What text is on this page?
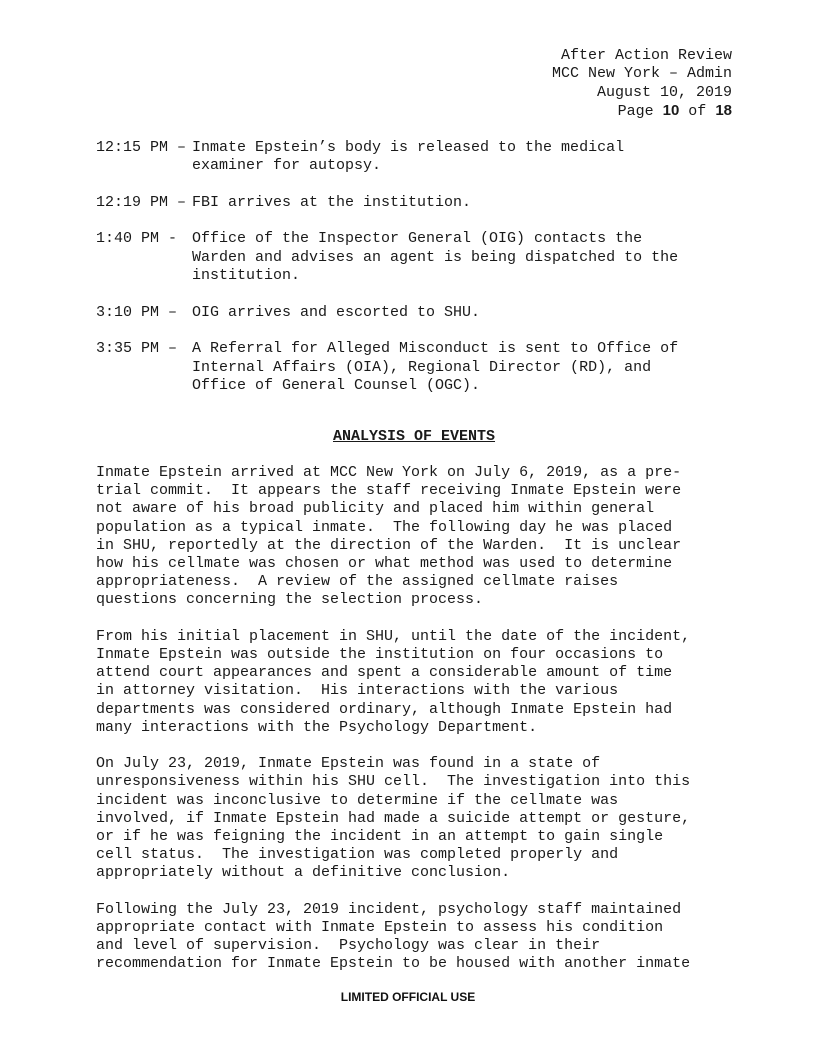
After Action Review
MCC New York – Admin
August 10, 2019
Page 10 of 18
12:15 PM – Inmate Epstein’s body is released to the medical
examiner for autopsy.
12:19 PM – FBI arrives at the institution.
1:40 PM - Office of the Inspector General (OIG) contacts the
Warden and advises an agent is being dispatched to the
institution.
3:10 PM – OIG arrives and escorted to SHU.
3:35 PM – A Referral for Alleged Misconduct is sent to Office of
Internal Affairs (OIA), Regional Director (RD), and
Office of General Counsel (OGC).
ANALYSIS OF EVENTS

Inmate Epstein arrived at MCC New York on July 6, 2019, as a pre-
trial commit.  It appears the staff receiving Inmate Epstein were
not aware of his broad publicity and placed him within general
population as a typical inmate.  The following day he was placed
in SHU, reportedly at the direction of the Warden.  It is unclear
how his cellmate was chosen or what method was used to determine
appropriateness.  A review of the assigned cellmate raises
questions concerning the selection process.

From his initial placement in SHU, until the date of the incident,
Inmate Epstein was outside the institution on four occasions to
attend court appearances and spent a considerable amount of time
in attorney visitation.  His interactions with the various
departments was considered ordinary, although Inmate Epstein had
many interactions with the Psychology Department.

On July 23, 2019, Inmate Epstein was found in a state of
unresponsiveness within his SHU cell.  The investigation into this
incident was inconclusive to determine if the cellmate was
involved, if Inmate Epstein had made a suicide attempt or gesture,
or if he was feigning the incident in an attempt to gain single
cell status.  The investigation was completed properly and
appropriately without a definitive conclusion.

Following the July 23, 2019 incident, psychology staff maintained
appropriate contact with Inmate Epstein to assess his condition
and level of supervision.  Psychology was clear in their
recommendation for Inmate Epstein to be housed with another inmate

LIMITED OFFICIAL USE
